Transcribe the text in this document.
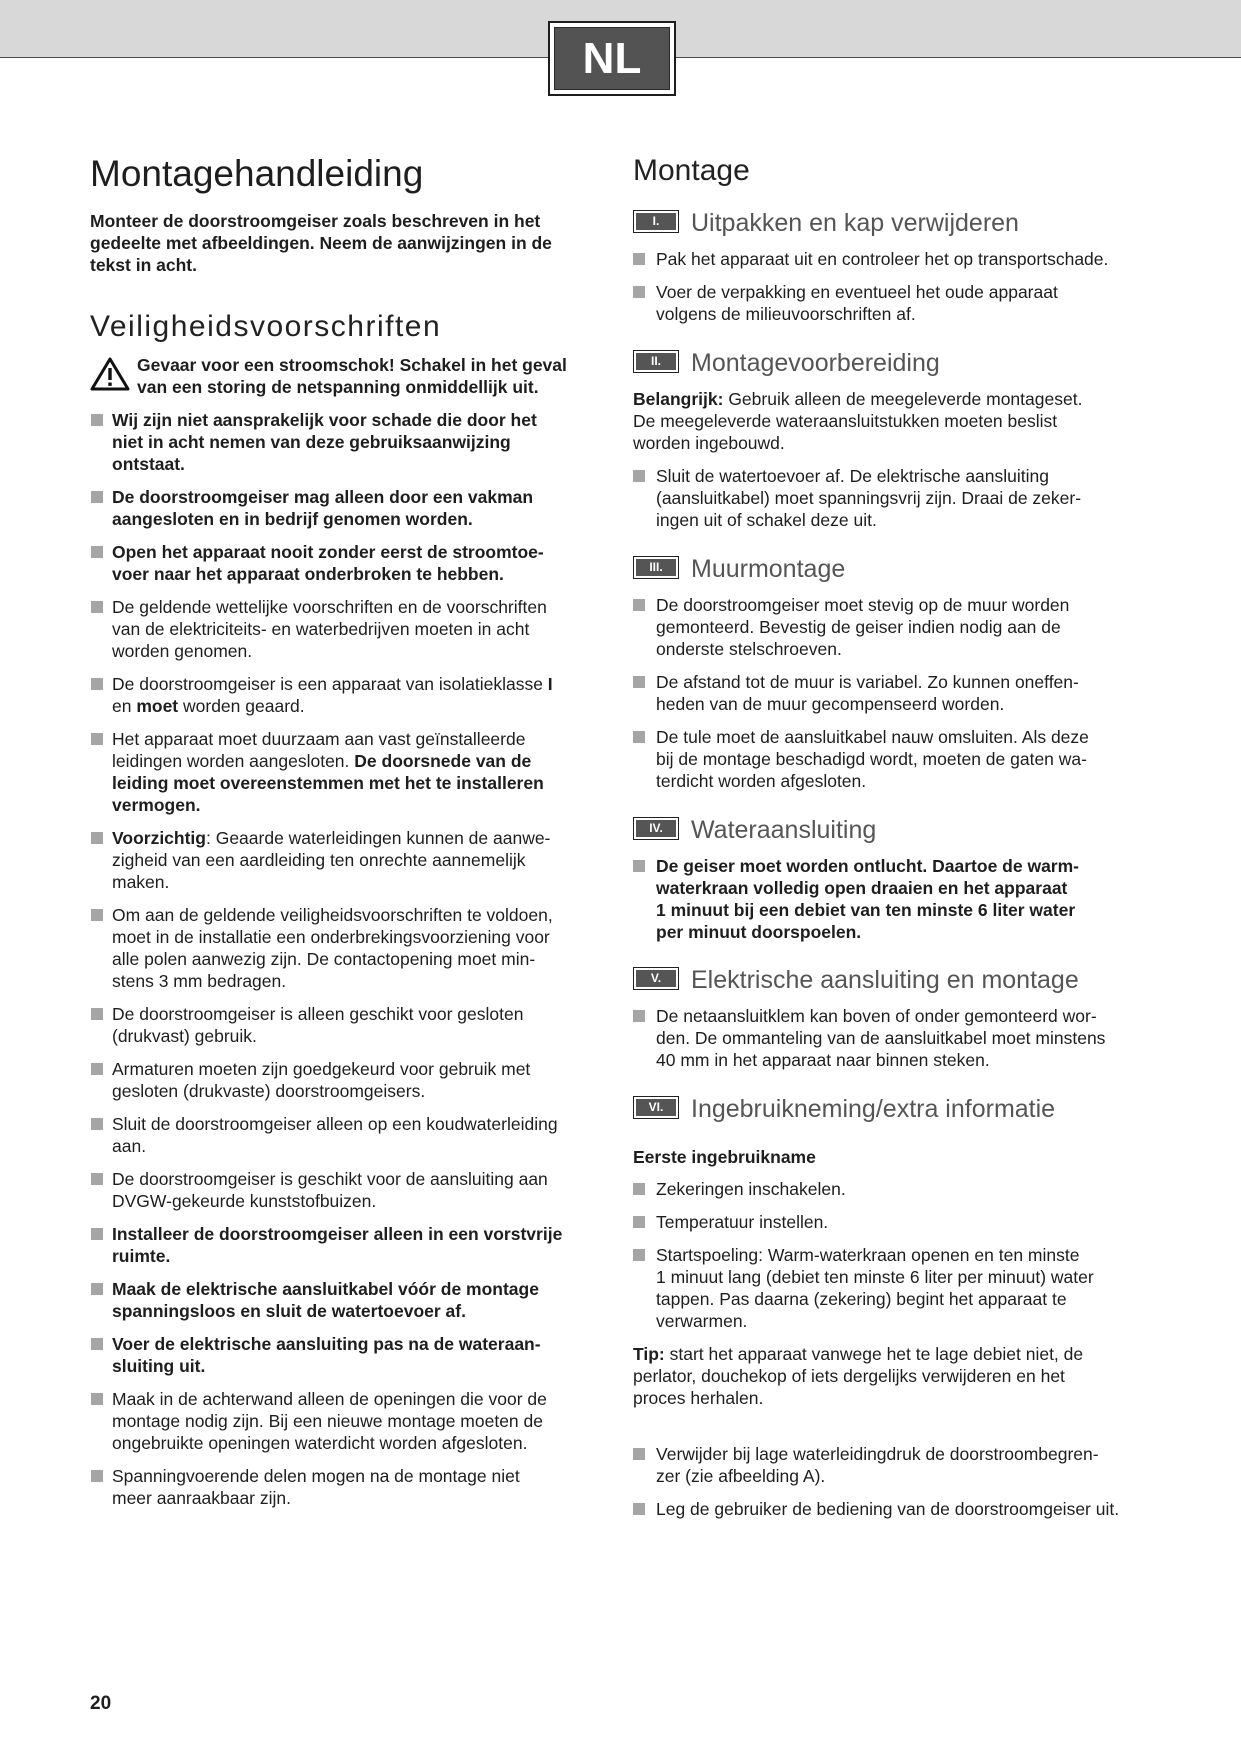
NL
Montagehandleiding
Monteer de doorstroomgeiser zoals beschreven in het
gedeelte met afbeeldingen. Neem de aanwijzingen in de
tekst in acht.
Veiligheidsvoorschriften
Gevaar voor een stroomschok! Schakel in het geval
van een storing de netspanning onmiddellijk uit.
Wij zijn niet aansprakelijk voor schade die door het
niet in acht nemen van deze gebruiksaanwijzing
ontstaat.
De doorstroomgeiser mag alleen door een vakman
aangesloten en in bedrijf genomen worden.
Open het apparaat nooit zonder eerst de stroomtoe-
voer naar het apparaat onderbroken te hebben.
De geldende wettelijke voorschriften en de voorschriften
van de elektriciteits- en waterbedrijven moeten in acht
worden genomen.
De doorstroomgeiser is een apparaat van isolatieklasse I
en moet worden geaard.
Het apparaat moet duurzaam aan vast geïnstalleerde
leidingen worden aangesloten. De doorsnede van de
leiding moet overeenstemmen met het te installeren
vermogen.
Voorzichtig: Geaarde waterleidingen kunnen de aanwe-
zigheid van een aardleiding ten onrechte aannemelijk
maken.
Om aan de geldende veiligheidsvoorschriften te voldoen,
moet in de installatie een onderbrekingsvoorziening voor
alle polen aanwezig zijn. De contactopening moet min-
stens 3 mm bedragen.
De doorstroomgeiser is alleen geschikt voor gesloten
(drukvast) gebruik.
Armaturen moeten zijn goedgekeurd voor gebruik met
gesloten (drukvaste) doorstroomgeisers.
Sluit de doorstroomgeiser alleen op een koudwaterleiding
aan.
De doorstroomgeiser is geschikt voor de aansluiting aan
DVGW-gekeurde kunststofbuizen.
Installeer de doorstroomgeiser alleen in een vorstvrije
ruimte.
Maak de elektrische aansluitkabel vóór de montage
spanningsloos en sluit de watertoevoer af.
Voer de elektrische aansluiting pas na de wateraan-
sluiting uit.
Maak in de achterwand alleen de openingen die voor de
montage nodig zijn. Bij een nieuwe montage moeten de
ongebruikte openingen waterdicht worden afgesloten.
Spanningvoerende delen mogen na de montage niet
meer aanraakbaar zijn.
Montage
I.	Uitpakken en kap verwijderen
Pak het apparaat uit en controleer het op transportschade.
Voer de verpakking en eventueel het oude apparaat
volgens de milieuvoorschriften af.
II.	Montagevoorbereiding
Belangrijk: Gebruik alleen de meegeleverde montageset.
De meegeleverde wateraansluitstukken moeten beslist
worden ingebouwd.
Sluit de watertoevoer af. De elektrische aansluiting
(aansluitkabel) moet spanningsvrij zijn. Draai de zeker-
ingen uit of schakel deze uit.
III.	Muurmontage
De doorstroomgeiser moet stevig op de muur worden
gemonteerd. Bevestig de geiser indien nodig aan de
onderste stelschroeven.
De afstand tot de muur is variabel. Zo kunnen oneffen-
heden van de muur gecompenseerd worden.
De tule moet de aansluitkabel nauw omsluiten. Als deze
bij de montage beschadigd wordt, moeten de gaten wa-
terdicht worden afgesloten.
IV.	Wateraansluiting
De geiser moet worden ontlucht. Daartoe de warm-
waterkraan volledig open draaien en het apparaat
1 minuut bij een debiet van ten minste 6 liter water
per minuut doorspoelen.
V.	Elektrische aansluiting en montage
De netaansluitklem kan boven of onder gemonteerd wor-
den. De ommanteling van de aansluitkabel moet minstens
40 mm in het apparaat naar binnen steken.
VI.	Ingebruikneming/extra informatie
Eerste ingebruikname
Zekeringen inschakelen.
Temperatuur instellen.
Startspoeling: Warm-waterkraan openen en ten minste
1 minuut lang (debiet ten minste 6 liter per minuut) water
tappen. Pas daarna (zekering) begint het apparaat te
verwarmen.
Tip: start het apparaat vanwege het te lage debiet niet, de
perlator, douchekop of iets dergelijks verwijderen en het
proces herhalen.
Verwijder bij lage waterleidingdruk de doorstroombegren-
zer (zie afbeelding A).
Leg de gebruiker de bediening van de doorstroomgeiser uit.
20
